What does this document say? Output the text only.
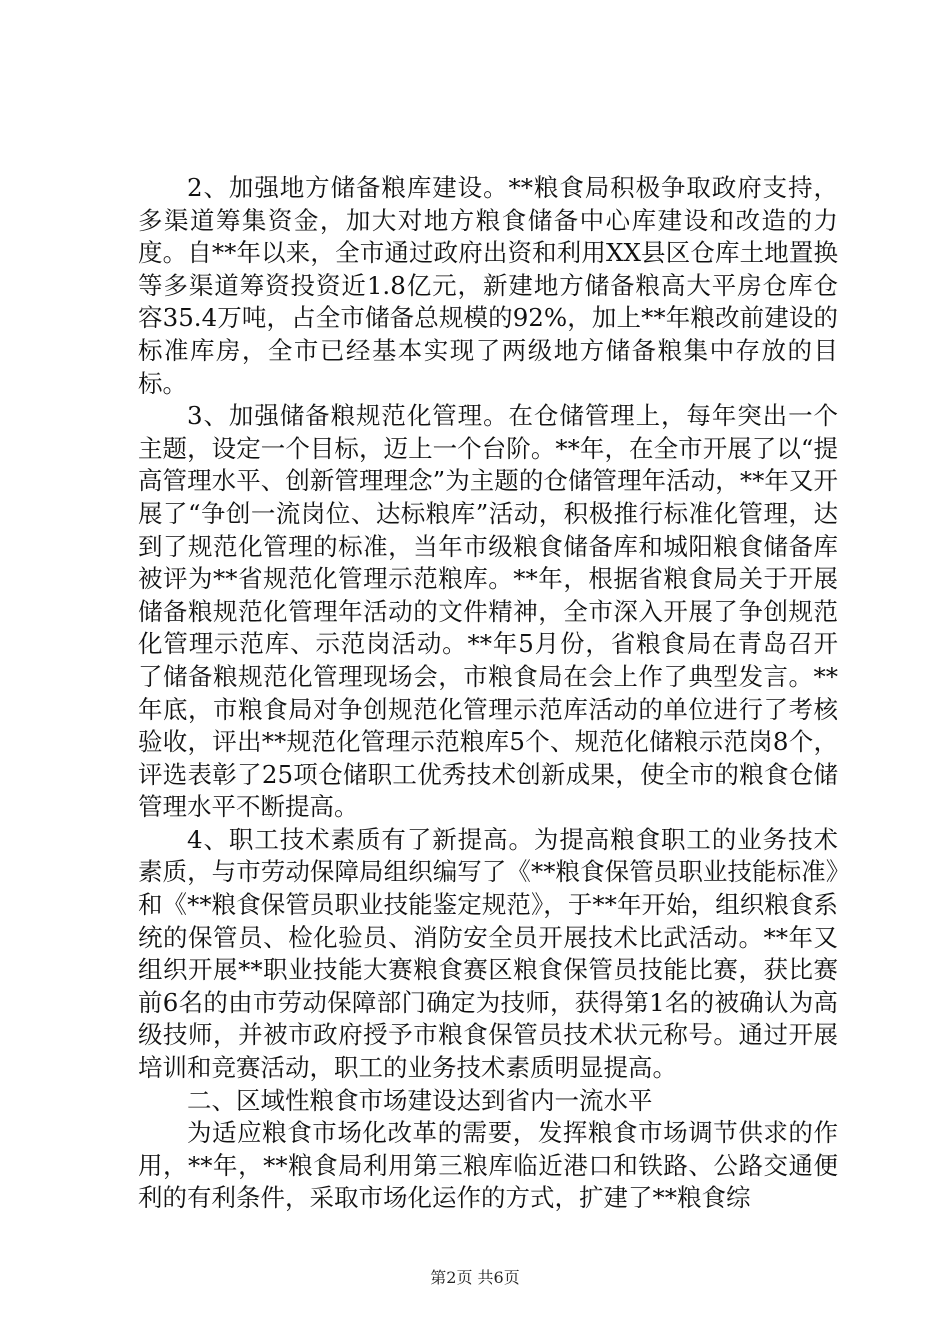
2、加强地方储备粮库建设。**粮食局积极争取政府支持，多渠道筹集资金，加大对地方粮食储备中心库建设和改造的力度。自**年以来，全市通过政府出资和利用XX县区仓库土地置换等多渠道筹资投资近1.8亿元，新建地方储备粮高大平房仓库仓容35.4万吨，占全市储备总规模的92%，加上**年粮改前建设的标准库房，全市已经基本实现了两级地方储备粮集中存放的目标。

3、加强储备粮规范化管理。在仓储管理上，每年突出一个主题，设定一个目标，迈上一个台阶。**年，在全市开展了以“提高管理水平、创新管理理念”为主题的仓储管理年活动，**年又开展了“争创一流岗位、达标粮库”活动，积极推行标准化管理，达到了规范化管理的标准，当年市级粮食储备库和城阳粮食储备库被评为**省规范化管理示范粮库。**年，根据省粮食局关于开展储备粮规范化管理年活动的文件精神，全市深入开展了争创规范化管理示范库、示范岗活动。**年5月份，省粮食局在青岛召开了储备粮规范化管理现场会，市粮食局在会上作了典型发言。**年底，市粮食局对争创规范化管理示范库活动的单位进行了考核验收，评出**规范化管理示范粮库5个、规范化储粮示范岗8个，评选表彰了25项仓储职工优秀技术创新成果，使全市的粮食仓储管理水平不断提高。

4、职工技术素质有了新提高。为提高粮食职工的业务技术素质，与市劳动保障局组织编写了《**粮食保管员职业技能标准》和《**粮食保管员职业技能鉴定规范》，于**年开始，组织粮食系统的保管员、检化验员、消防安全员开展技术比武活动。**年又组织开展**职业技能大赛粮食赛区粮食保管员技能比赛，获比赛前6名的由市劳动保障部门确定为技师，获得第1名的被确认为高级技师，并被市政府授予市粮食保管员技术状元称号。通过开展培训和竞赛活动，职工的业务技术素质明显提高。

二、区域性粮食市场建设达到省内一流水平

为适应粮食市场化改革的需要，发挥粮食市场调节供求的作用，**年，**粮食局利用第三粮库临近港口和铁路、公路交通便利的有利条件，采取市场化运作的方式，扩建了**粮食综

第2页 共6页
